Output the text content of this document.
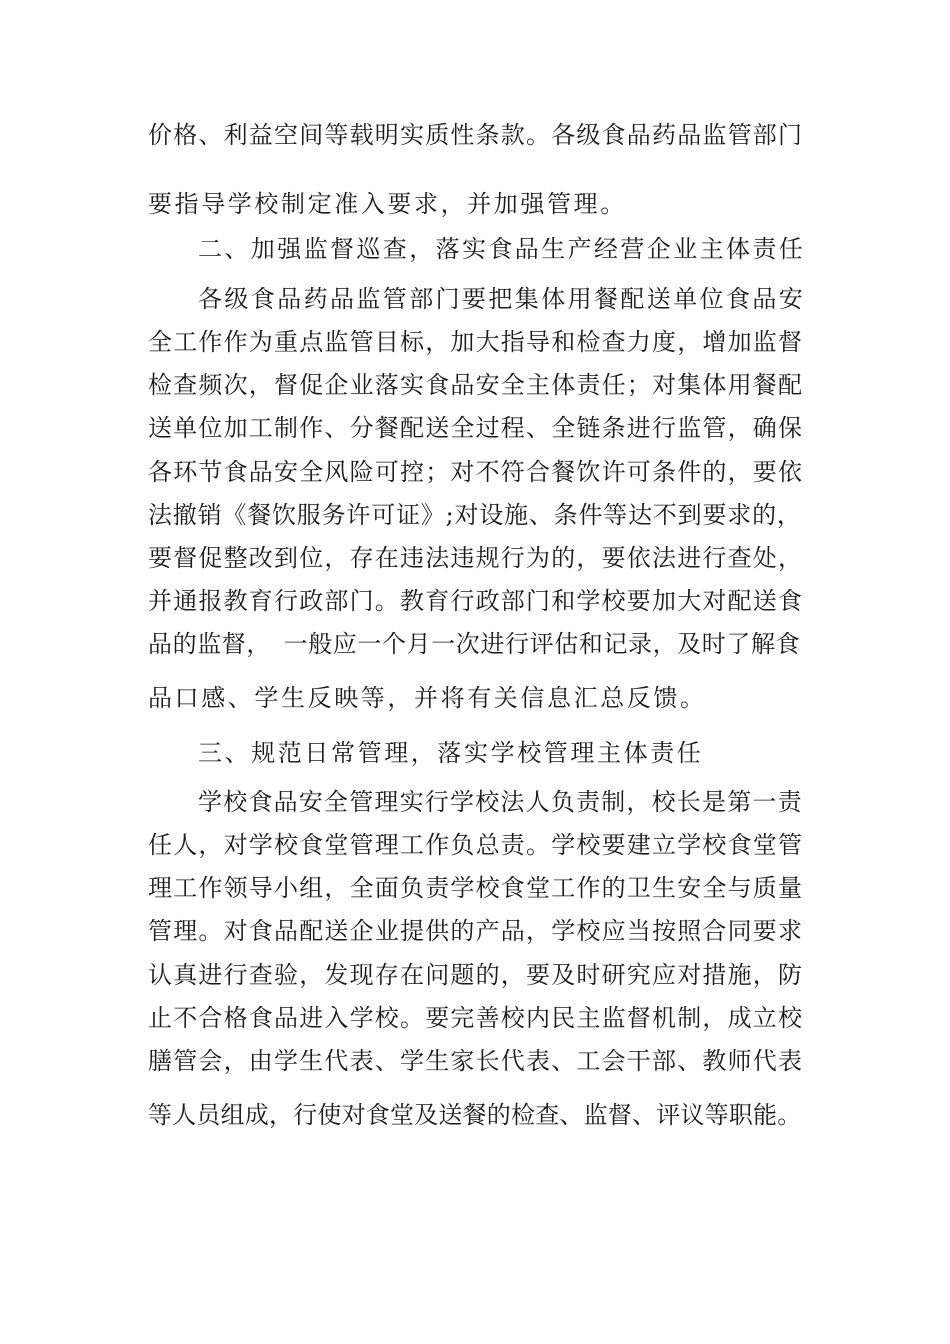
价格、利益空间等载明实质性条款。各级食品药品监管部门
要指导学校制定准入要求，并加强管理。
二、加强监督巡查，落实食品生产经营企业主体责任
各级食品药品监管部门要把集体用餐配送单位食品安
全工作作为重点监管目标，加大指导和检查力度，增加监督
检查频次，督促企业落实食品安全主体责任；对集体用餐配
送单位加工制作、分餐配送全过程、全链条进行监管，确保
各环节食品安全风险可控；对不符合餐饮许可条件的，要依
法撤销《餐饮服务许可证》;对设施、条件等达不到要求的，
要督促整改到位，存在违法违规行为的，要依法进行查处，
并通报教育行政部门。教育行政部门和学校要加大对配送食
品的监督，　一般应一个月一次进行评估和记录，及时了解食
品口感、学生反映等，并将有关信息汇总反馈。
三、规范日常管理，落实学校管理主体责任
学校食品安全管理实行学校法人负责制，校长是第一责
任人，对学校食堂管理工作负总责。学校要建立学校食堂管
理工作领导小组，全面负责学校食堂工作的卫生安全与质量
管理。对食品配送企业提供的产品，学校应当按照合同要求
认真进行查验，发现存在问题的，要及时研究应对措施，防
止不合格食品进入学校。要完善校内民主监督机制，成立校
膳管会，由学生代表、学生家长代表、工会干部、教师代表
等人员组成，行使对食堂及送餐的检查、监督、评议等职能。
